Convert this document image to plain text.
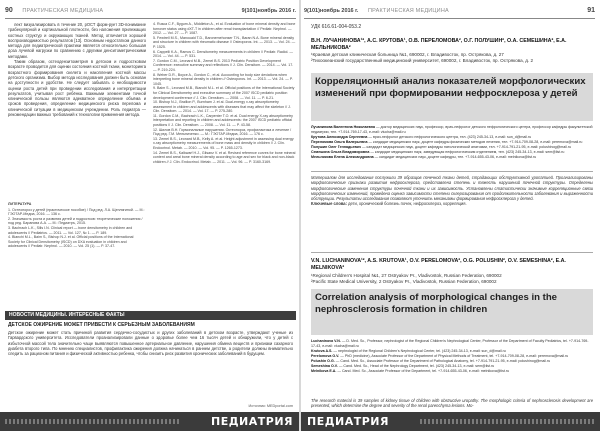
90 ПРАКТИЧЕСКАЯ МЕДИЦИНА	9(101)ноябрь 2016 г.

лект визуализировать в течение 20, рОСТ форм-рует 3D-понимание трабекулярной и кортикальной плотности, без наложения прилежащих костных структур и окружающих тканей. Метод отличается хорошей воспроизводимостью результатов [13]. Основным недостатком данного метода для педиатрической практики является относительно большая доза лучевой нагрузки по сравнению с другими денситометрическими методами.

Таким образом, остеодензитометрия в детском и подростковом возрасте проводится для оценки состояния костной ткани, мониторинга возрастного формирования скелета и накопления костной массы детского организма. Выбор метода исследования должен быть основан на доступности и удобстве. Не следует забывать о необходимости оценки роста детей при проведении исследования и интерпретации результатов, учитывая рост ребёнка. Важными элементами точной клинической пользы являются адекватное определение объёма и сроков проведения, определение медицинского риска перелома и клинической ситуации в медицинском учреждении. Роль педиатра — рекомендации важных требований к технологии применения метода.

ЛИТЕРАТУРА
1. Остеопороз у детей (практическое пособие) / Под ред. Л.А. Щеплягиной. — М.: ГЭОТАР-Медиа, 2016. — 136 с.
2. Значимость роста и развития детей и подростков: теоретические положения / под ред. Баранова А.А. — М.: Педиатръ, 2015.
3. Bachrach L.K., Sills I.N. Clinical report — bone densitometry in children and adolescents // Pediatrics. — 2011. — Vol. 127, № 1. — P. 189.
4. Bianchi M.L., Baim S., Bishop N.J. et al. Official positions of the International Society for Clinical Densitometry (ISCD) on DXA evaluation in children and adolescents // Pediatr. Nephrol. — 2010. — Vol. 25 (1). — P. 37-47.
4. Rusca C.F., Bygum A., Middleton A., et al. Evaluation of bone mineral density and bone turnover status using dXT-T in children after renal transplantation // Pediatr. Nephrol. — 2012. — Vol. 27. — P. 1087.
5. Fewtrell M.S., Manouaid T.D., Baronemehonser T.N., Baran N.A. Bone mineral density and structure in children with rheumatic disease // Osteoporos. Int. — 2013. — Vol. 24. — P. 1525.
6. Cappelli K.A., Ramos C. Densitometry measurements in children // Pediatr. Radiol. — 2014. — Vol. 44. — P. 531.
7. Gordon C.M., Leonard M.B., Zemel B.S. 2013 Pediatric Position Development Conference: executive summary and reflections // J. Clin. Densitom. — 2014. — Vol. 17. — P. 219-224.
8. Weber D.R., Boyce A., Gordon C., et al. Accounting for body size deviations when interpreting bone mineral density in children // Osteoporos. Int. — 2013. — Vol. 24. — P. 1045.
9. Baim S., Leonard M.B., Bianchi M.L. et al. Official positions of the International Society for Clinical Densitometry and executive summary of the 2007 ISCD pediatric position development conference // J. Clin. Densitom. — 2008. — Vol. 11. — P. 6-21.
10. Bishop N.J., Braillon P., Burnham J. et al. Dual-energy x-ray absorptiometry assessment in children and adolescents with diseases that may affect the skeleton // J. Clin. Densitom. — 2014. — Vol. 17. — P. 275-280.
11. Gordon C.M., Bachrach L.K., Carpenter T.O. et al. Dual energy X-ray absorptiometry interpretation and reporting in children and adolescents: the 2007 ISCD pediatric official positions // J. Clin. Densitom. — 2008. — Vol. 11. — P. 43-58.
12. Шилов В.Н. Гормональные нарушения. Остеопороз, профилактика и лечение / Под ред. Г.М. Мельниченко. — М.: ГЭОТАР-Медиа, 2016. — 176 с.
13. Zemel B.S., Leonard M.B., Kelly A. et al. Height adjustment in assessing dual energy x-ray absorptiometry measurements of bone mass and density in children // J. Clin. Endocrinol. Metab. — 2010. — Vol. 95. — P. 1265-1273.
14. Zemel B.S., Kalkwarf H.J., Gilsanz V. et al. Revised reference curves for bone mineral content and areal bone mineral density according to age and sex for black and non-black children // J. Clin. Endocrinol. Metab. — 2011. — Vol. 96. — P. 3160-3169.
НОВОСТИ МЕДИЦИНЫ. ИНТЕРЕСНЫЕ ФАКТЫ
ДЕТСКОЕ ОЖИРЕНИЕ МОЖЕТ ПРИВЕСТИ К СЕРЬЕЗНЫМ ЗАБОЛЕВАНИЯМ

Детское ожирение может стать причиной развития сердечно-сосудистых и других заболеваний в детском возрасте, утверждают ученые из Гарвардского университета. Исследователи проанализировали данные о здоровье более чем 16 тысяч детей и обнаружили, что у детей с избыточной массой тела значительно чаще выявляются повышенное артериальное давление, нарушения обмена веществ и признаки сахарного диабета второго типа. По мнению специалистов, профилактика ожирения должна начинаться в раннем детстве, а родители должны внимательно следить за рационом питания и физической активностью ребенка, чтобы снизить риск развития хронических заболеваний в будущем.

Источник: MEDportal.com
ПЕДИАТРИЯ
9(101)ноябрь 2016 г. ПРАКТИЧЕСКАЯ МЕДИЦИНА	91
УДК 616.61-004-053.2
В.Н. ЛУЧАНИНОВА¹², А.С. КРУТОВА¹, О.В. ПЕРЕЛОМОВА², О.Г. ПОЛУШИН², О.А. СЕМЕШИНА², Е.А. МЕЛЬНИКОВА²
¹Краевая детская клиническая больница №1, 690002, г. Владивосток, пр. Острякова, д. 27
²Тихоокеанский государственный медицинский университет, 690002, г. Владивосток, пр. Острякова, д. 2
Корреляционный анализ показателей морфологических изменений при формировании нефросклероза у детей
Лучанинова Валентина Николаевна — доктор медицинских наук, профессор, врач-нефролог детского нефрологического центра, профессор кафедры факультетской педиатрии, тел. +7-914-769-17-43, e-mail: vlucha@mail.ru
Крутова Александра Сергеевна — врач-нефролог детского нефрологического центра, тел. (423) 245-34-13, e-mail: sun_d@mail.ru
Переломова Ольга Валерьевна — кандидат медицинских наук, доцент кафедры физических методов лечения, тел. +7-914-709-08-28, e-mail: peremova@mail.ru
Полушин Олег Геннадьевич — кандидат медицинских наук, доцент кафедры патологической анатомии, тел. +7-914-791-21-95, e-mail: polushinog@mail.ru
Семешина Ольга Владимировна — кандидат медицинских наук, заведующая нефрологическим отделением, тел. (423) 245-34-13, e-mail: sem@list.ru
Мельникова Елена Александровна — кандидат медицинских наук, доцент кафедры, тел. +7-914-655-43-06, e-mail: melnikova@list.ru
Материалом для исследования послужили 39 образцов почечной ткани детей, страдающих обструктивной уропатией. Проанализированы морфологические признаки развития нефросклероза, представлена степень и тяжесть нарушений почечной структуры. Определены морфологические изменения структуры почечной ткани и их зависимость. Установлены статистически значимые корреляционные связи морфологических изменений, проведена оценка зависимости степени склерозирования от продолжительности заболевания и выраженности обструкции. Результаты исследования позволяют уточнить механизмы формирования нефросклероза у детей.
Ключевые слова: дети, хронический болезнь почек, нефросклероз, корреляция.
V.N. LUCHANINOVA¹², A.S. KRUTOVA¹, O.V. PERELOMOVA², O.G. POLUSHIN², O.V. SEMESHINA², E.A. MELNIKOVA²
¹Regional Children's Hospital №1, 27 Ostryakov Pr., Vladivostok, Russian Federation, 690002
²Pacific State Medical University, 2 Ostryakov Pr., Vladivostok, Russian Federation, 690002
Correlation analysis of morphological changes in the nephrosclerosis formation in children
Luchaninova V.N. — D. Med. Sc., Professor, nephrologist of the Regional Children's Nephrological Center, Professor of the Department of Faculty Pediatrics, tel. +7-914-769-17-43, e-mail: vlucha@mail.ru
Krutova A.S. — nephrologist of the Regional Children's Nephrological Center, tel. (423) 245-34-13, e-mail: sun_d@mail.ru
Perelomova O.V. — PhD (medicine), Associate Professor of the Department of Physical Methods of Treatment, tel. +7-914-709-08-28, e-mail: peremova@mail.ru
Polushin O.G. — Cand. Med. Sc., Associate Professor of the Department of Pathological Anatomy, tel. +7-914-791-21-95, e-mail: polushinog@mail.ru
Semeshina O.V. — Cand. Med. Sc., Head of the Nephrology Department, tel. (423) 245-34-13, e-mail: sem@list.ru
Melnikova E.A. — Cand. Med. Sc., Associate Professor of the Department, tel. +7-914-655-43-06, e-mail: melnikova@list.ru
The research material is 39 samples of kidney tissue of children with obstructive uropathy. The morphologic criteria of nephrosclerosis development are presented, which determine the degree and severity of the renal parenchyma lesions. Mo-
ПЕДИАТРИЯ
